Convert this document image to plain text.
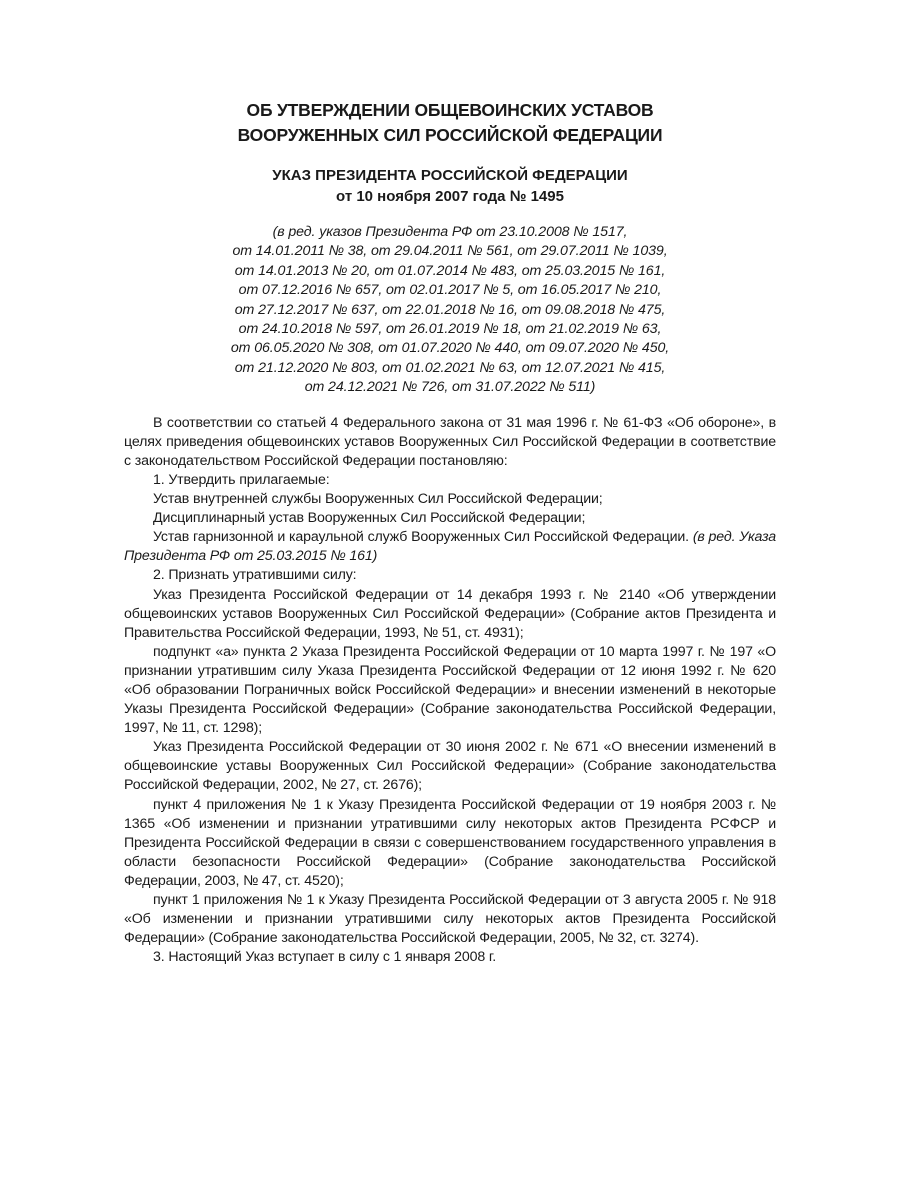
ОБ УТВЕРЖДЕНИИ ОБЩЕВОИНСКИХ УСТАВОВ
ВООРУЖЕННЫХ СИЛ РОССИЙСКОЙ ФЕДЕРАЦИИ
УКАЗ ПРЕЗИДЕНТА РОССИЙСКОЙ ФЕДЕРАЦИИ
от 10 ноября 2007 года № 1495
(в ред. указов Президента РФ от 23.10.2008 № 1517,
от 14.01.2011 № 38, от 29.04.2011 № 561, от 29.07.2011 № 1039,
от 14.01.2013 № 20, от 01.07.2014 № 483, от 25.03.2015 № 161,
от 07.12.2016 № 657, от 02.01.2017 № 5, от 16.05.2017 № 210,
от 27.12.2017 № 637, от 22.01.2018 № 16, от 09.08.2018 № 475,
от 24.10.2018 № 597, от 26.01.2019 № 18, от 21.02.2019 № 63,
от 06.05.2020 № 308, от 01.07.2020 № 440, от 09.07.2020 № 450,
от 21.12.2020 № 803, от 01.02.2021 № 63, от 12.07.2021 № 415,
от 24.12.2021 № 726, от 31.07.2022 № 511)

В соответствии со статьей 4 Федерального закона от 31 мая 1996 г. № 61-ФЗ «Об обороне», в целях приведения общевоинских уставов Вооруженных Сил Российской Федерации в соответствие с законодательством Российской Федерации постановляю:

1. Утвердить прилагаемые:

Устав внутренней службы Вооруженных Сил Российской Федерации;

Дисциплинарный устав Вооруженных Сил Российской Федерации;

Устав гарнизонной и караульной служб Вооруженных Сил Российской Федерации. (в ред. Указа Президента РФ от 25.03.2015 № 161)

2. Признать утратившими силу:

Указ Президента Российской Федерации от 14 декабря 1993 г. № 2140 «Об утверждении общевоинских уставов Вооруженных Сил Российской Федерации» (Собрание актов Президента и Правительства Российской Федерации, 1993, № 51, ст. 4931);

подпункт «а» пункта 2 Указа Президента Российской Федерации от 10 марта 1997 г. № 197 «О признании утратившим силу Указа Президента Российской Федерации от 12 июня 1992 г. № 620 «Об образовании Пограничных войск Российской Федерации» и внесении изменений в некоторые Указы Президента Российской Федерации» (Собрание законодательства Российской Федерации, 1997, № 11, ст. 1298);

Указ Президента Российской Федерации от 30 июня 2002 г. № 671 «О внесении изменений в общевоинские уставы Вооруженных Сил Российской Федерации» (Собрание законодательства Российской Федерации, 2002, № 27, ст. 2676);

пункт 4 приложения № 1 к Указу Президента Российской Федерации от 19 ноября 2003 г. № 1365 «Об изменении и признании утратившими силу некоторых актов Президента РСФСР и Президента Российской Федерации в связи с совершенствованием государственного управления в области безопасности Российской Федерации» (Собрание законодательства Российской Федерации, 2003, № 47, ст. 4520);

пункт 1 приложения № 1 к Указу Президента Российской Федерации от 3 августа 2005 г. № 918 «Об изменении и признании утратившими силу некоторых актов Президента Российской Федерации» (Собрание законодательства Российской Федерации, 2005, № 32, ст. 3274).

3. Настоящий Указ вступает в силу с 1 января 2008 г.
